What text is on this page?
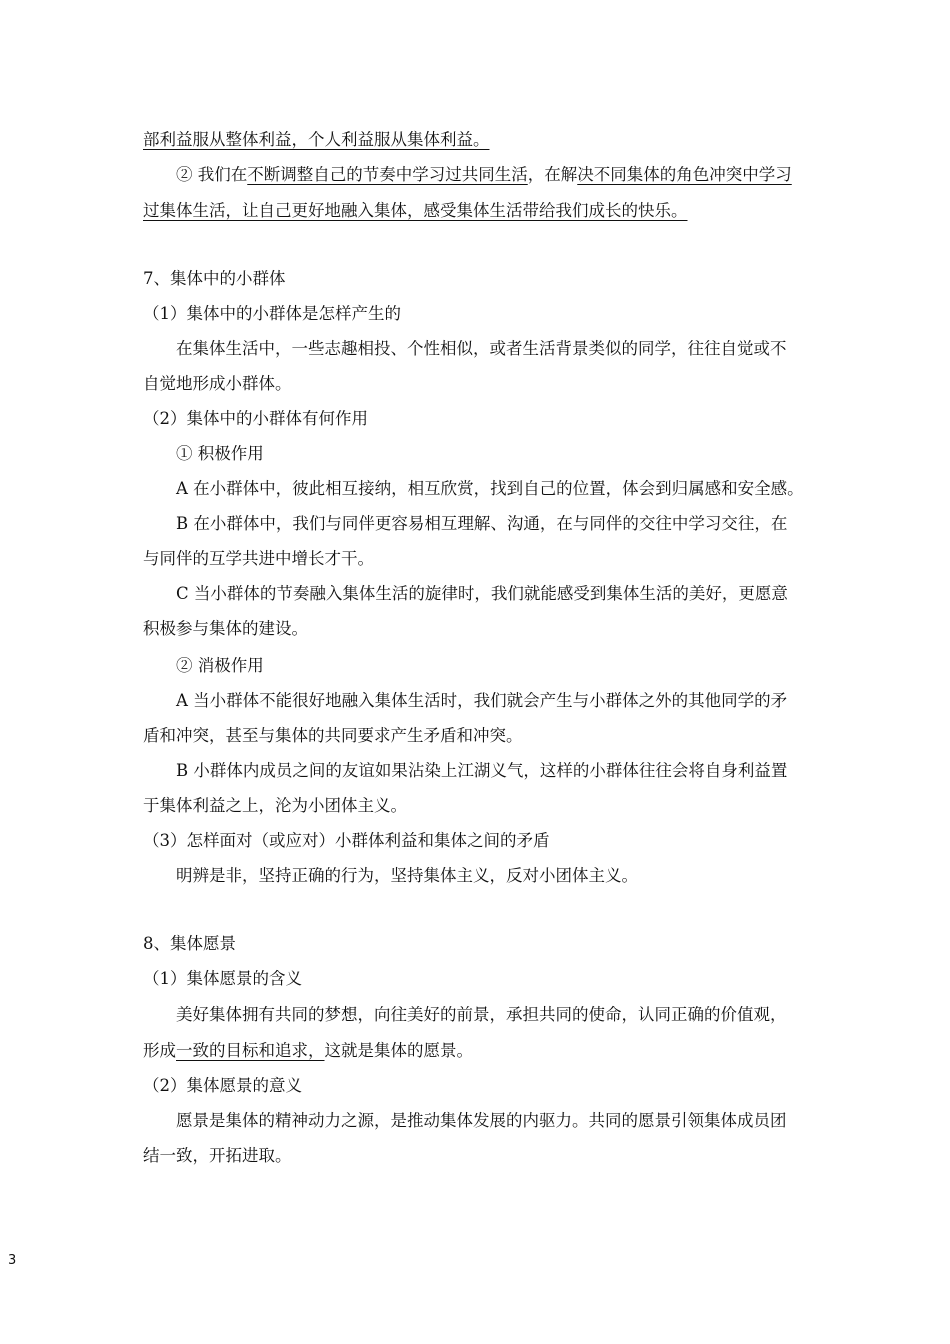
部利益服从整体利益，个人利益服从集体利益。
② 我们在不断调整自己的节奏中学习过共同生活，在解决不同集体的角色冲突中学习
过集体生活，让自己更好地融入集体，感受集体生活带给我们成长的快乐。
7、集体中的小群体
（1）集体中的小群体是怎样产生的
在集体生活中，一些志趣相投、个性相似，或者生活背景类似的同学，往往自觉或不
自觉地形成小群体。
（2）集体中的小群体有何作用
① 积极作用
A 在小群体中，彼此相互接纳，相互欣赏，找到自己的位置，体会到归属感和安全感。
B 在小群体中，我们与同伴更容易相互理解、沟通，在与同伴的交往中学习交往，在
与同伴的互学共进中增长才干。
C 当小群体的节奏融入集体生活的旋律时，我们就能感受到集体生活的美好，更愿意
积极参与集体的建设。
② 消极作用
A 当小群体不能很好地融入集体生活时，我们就会产生与小群体之外的其他同学的矛
盾和冲突，甚至与集体的共同要求产生矛盾和冲突。
B 小群体内成员之间的友谊如果沾染上江湖义气，这样的小群体往往会将自身利益置
于集体利益之上，沦为小团体主义。
（3）怎样面对（或应对）小群体利益和集体之间的矛盾
明辨是非，坚持正确的行为，坚持集体主义，反对小团体主义。
8、集体愿景
（1）集体愿景的含义
美好集体拥有共同的梦想，向往美好的前景，承担共同的使命，认同正确的价值观，
形成一致的目标和追求，这就是集体的愿景。
（2）集体愿景的意义
愿景是集体的精神动力之源，是推动集体发展的内驱力。共同的愿景引领集体成员团
结一致，开拓进取。
3
